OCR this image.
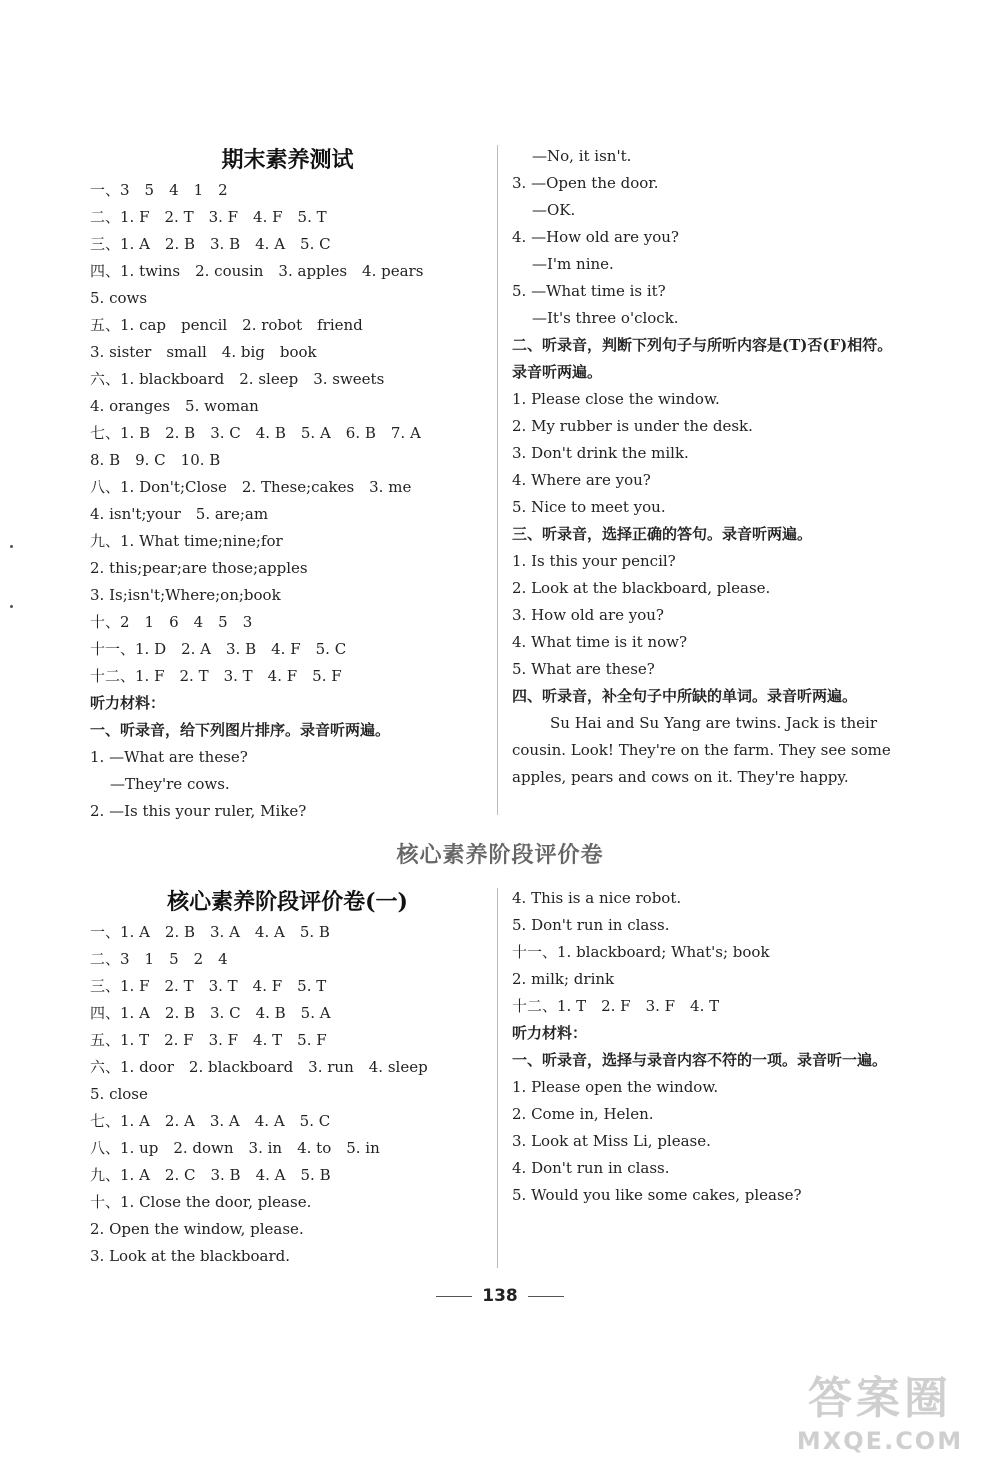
期末素养测试
一、3　5　4　1　2
二、1. F　2. T　3. F　4. F　5. T
三、1. A　2. B　3. B　4. A　5. C
四、1. twins　2. cousin　3. apples　4. pears
5. cows
五、1. cap　pencil　2. robot　friend
3. sister　small　4. big　book
六、1. blackboard　2. sleep　3. sweets
4. oranges　5. woman
七、1. B　2. B　3. C　4. B　5. A　6. B　7. A
8. B　9. C　10. B
八、1. Don't;Close　2. These;cakes　3. me
4. isn't;your　5. are;am
九、1. What time;nine;for
2. this;pear;are those;apples
3. Is;isn't;Where;on;book
十、2　1　6　4　5　3
十一、1. D　2. A　3. B　4. F　5. C
十二、1. F　2. T　3. T　4. F　5. F
听力材料：
一、听录音，给下列图片排序。录音听两遍。
1. —What are these?
—They're cows.
2. —Is this your ruler, Mike?
—No, it isn't.
3. —Open the door.
—OK.
4. —How old are you?
—I'm nine.
5. —What time is it?
—It's three o'clock.
二、听录音，判断下列句子与所听内容是(T)否(F)相符。录音听两遍。
1. Please close the window.
2. My rubber is under the desk.
3. Don't drink the milk.
4. Where are you?
5. Nice to meet you.
三、听录音，选择正确的答句。录音听两遍。
1. Is this your pencil?
2. Look at the blackboard, please.
3. How old are you?
4. What time is it now?
5. What are these?
四、听录音，补全句子中所缺的单词。录音听两遍。
Su Hai and Su Yang are twins. Jack is their cousin. Look! They're on the farm. They see some apples, pears and cows on it. They're happy.
核心素养阶段评价卷
核心素养阶段评价卷(一)
一、1. A　2. B　3. A　4. A　5. B
二、3　1　5　2　4
三、1. F　2. T　3. T　4. F　5. T
四、1. A　2. B　3. C　4. B　5. A
五、1. T　2. F　3. F　4. T　5. F
六、1. door　2. blackboard　3. run　4. sleep
5. close
七、1. A　2. A　3. A　4. A　5. C
八、1. up　2. down　3. in　4. to　5. in
九、1. A　2. C　3. B　4. A　5. B
十、1. Close the door, please.
2. Open the window, please.
3. Look at the blackboard.
4. This is a nice robot.
5. Don't run in class.
十一、1. blackboard; What's; book
2. milk; drink
十二、1. T　2. F　3. F　4. T
听力材料：
一、听录音，选择与录音内容不符的一项。录音听一遍。
1. Please open the window.
2. Come in, Helen.
3. Look at Miss Li, please.
4. Don't run in class.
5. Would you like some cakes, please?
138
答案圈
MXQE.COM
